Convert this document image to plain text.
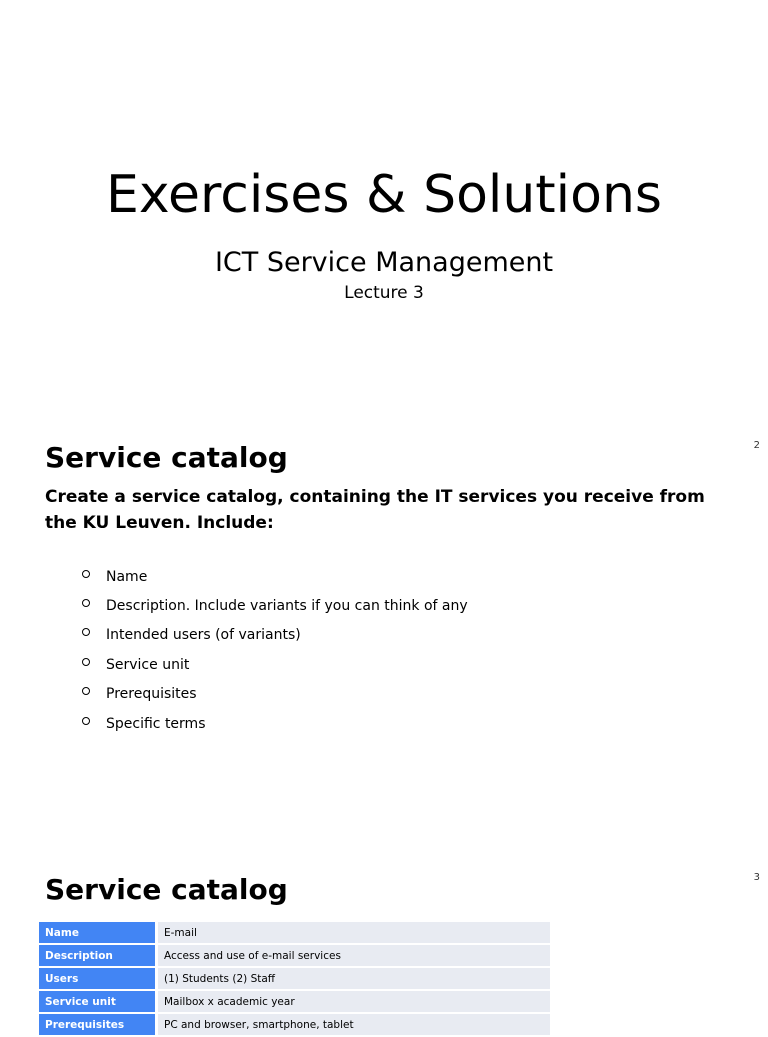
Exercises & Solutions

ICT Service Management

Lecture 3

2
Service catalog

Create a service catalog, containing the IT services you receive from the KU Leuven. Include:

Name
Description. Include variants if you can think of any
Intended users (of variants)
Service unit
Prerequisites
Specific terms
3
Service catalog
Name	E-mail
Description	Access and use of e-mail services
Users	(1) Students (2) Staff
Service unit	Mailbox x academic year
Prerequisites	PC and browser, smartphone, tablet
